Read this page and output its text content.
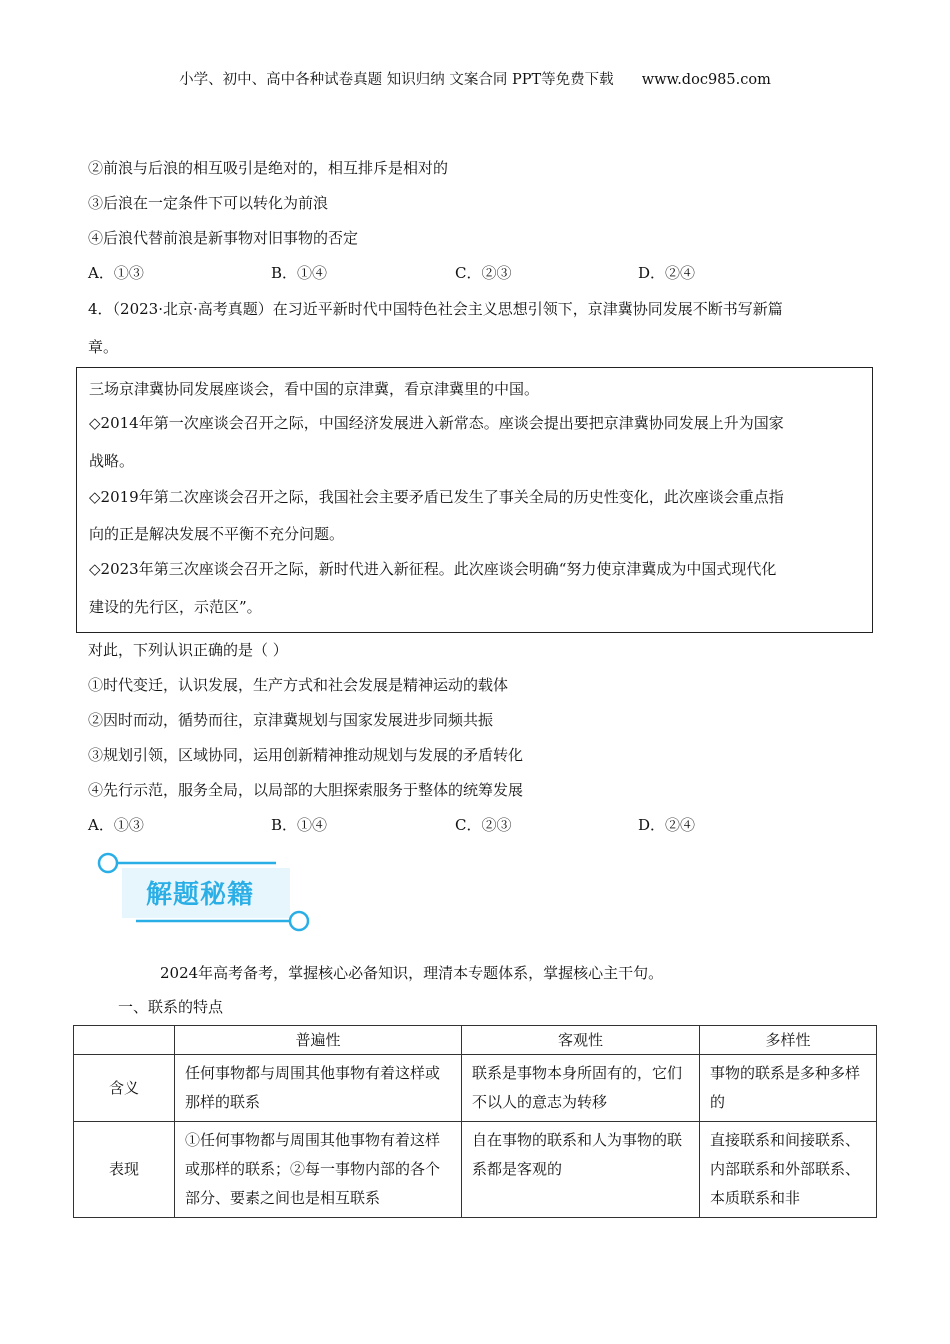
小学、初中、高中各种试卷真题 知识归纳 文案合同 PPT等免费下载 www.doc985.com
②前浪与后浪的相互吸引是绝对的，相互排斥是相对的
③后浪在一定条件下可以转化为前浪
④后浪代替前浪是新事物对旧事物的否定
A．①③	B．①④	C．②③	D．②④
4．（2023·北京·高考真题）在习近平新时代中国特色社会主义思想引领下，京津冀协同发展不断书写新篇
章。
三场京津冀协同发展座谈会，看中国的京津冀，看京津冀里的中国。
◇2014年第一次座谈会召开之际，中国经济发展进入新常态。座谈会提出要把京津冀协同发展上升为国家
战略。
◇2019年第二次座谈会召开之际，我国社会主要矛盾已发生了事关全局的历史性变化，此次座谈会重点指
向的正是解决发展不平衡不充分问题。
◇2023年第三次座谈会召开之际，新时代进入新征程。此次座谈会明确“努力使京津冀成为中国式现代化
建设的先行区，示范区”。
对此，下列认识正确的是（ ）
①时代变迁，认识发展，生产方式和社会发展是精神运动的载体
②因时而动，循势而往，京津冀规划与国家发展进步同频共振
③规划引领，区域协同，运用创新精神推动规划与发展的矛盾转化
④先行示范，服务全局，以局部的大胆探索服务于整体的统筹发展
A．①③	B．①④	C．②③	D．②④
解题秘籍
2024年高考备考，掌握核心必备知识，理清本专题体系，掌握核心主干句。
一、联系的特点
	普遍性	客观性	多样性
含义	任何事物都与周围其他事物有着这样或那样的联系	联系是事物本身所固有的，它们不以人的意志为转移	事物的联系是多种多样的
表现	①任何事物都与周围其他事物有着这样或那样的联系；②每一事物内部的各个部分、要素之间也是相互联系	自在事物的联系和人为事物的联系都是客观的	直接联系和间接联系、内部联系和外部联系、本质联系和非
